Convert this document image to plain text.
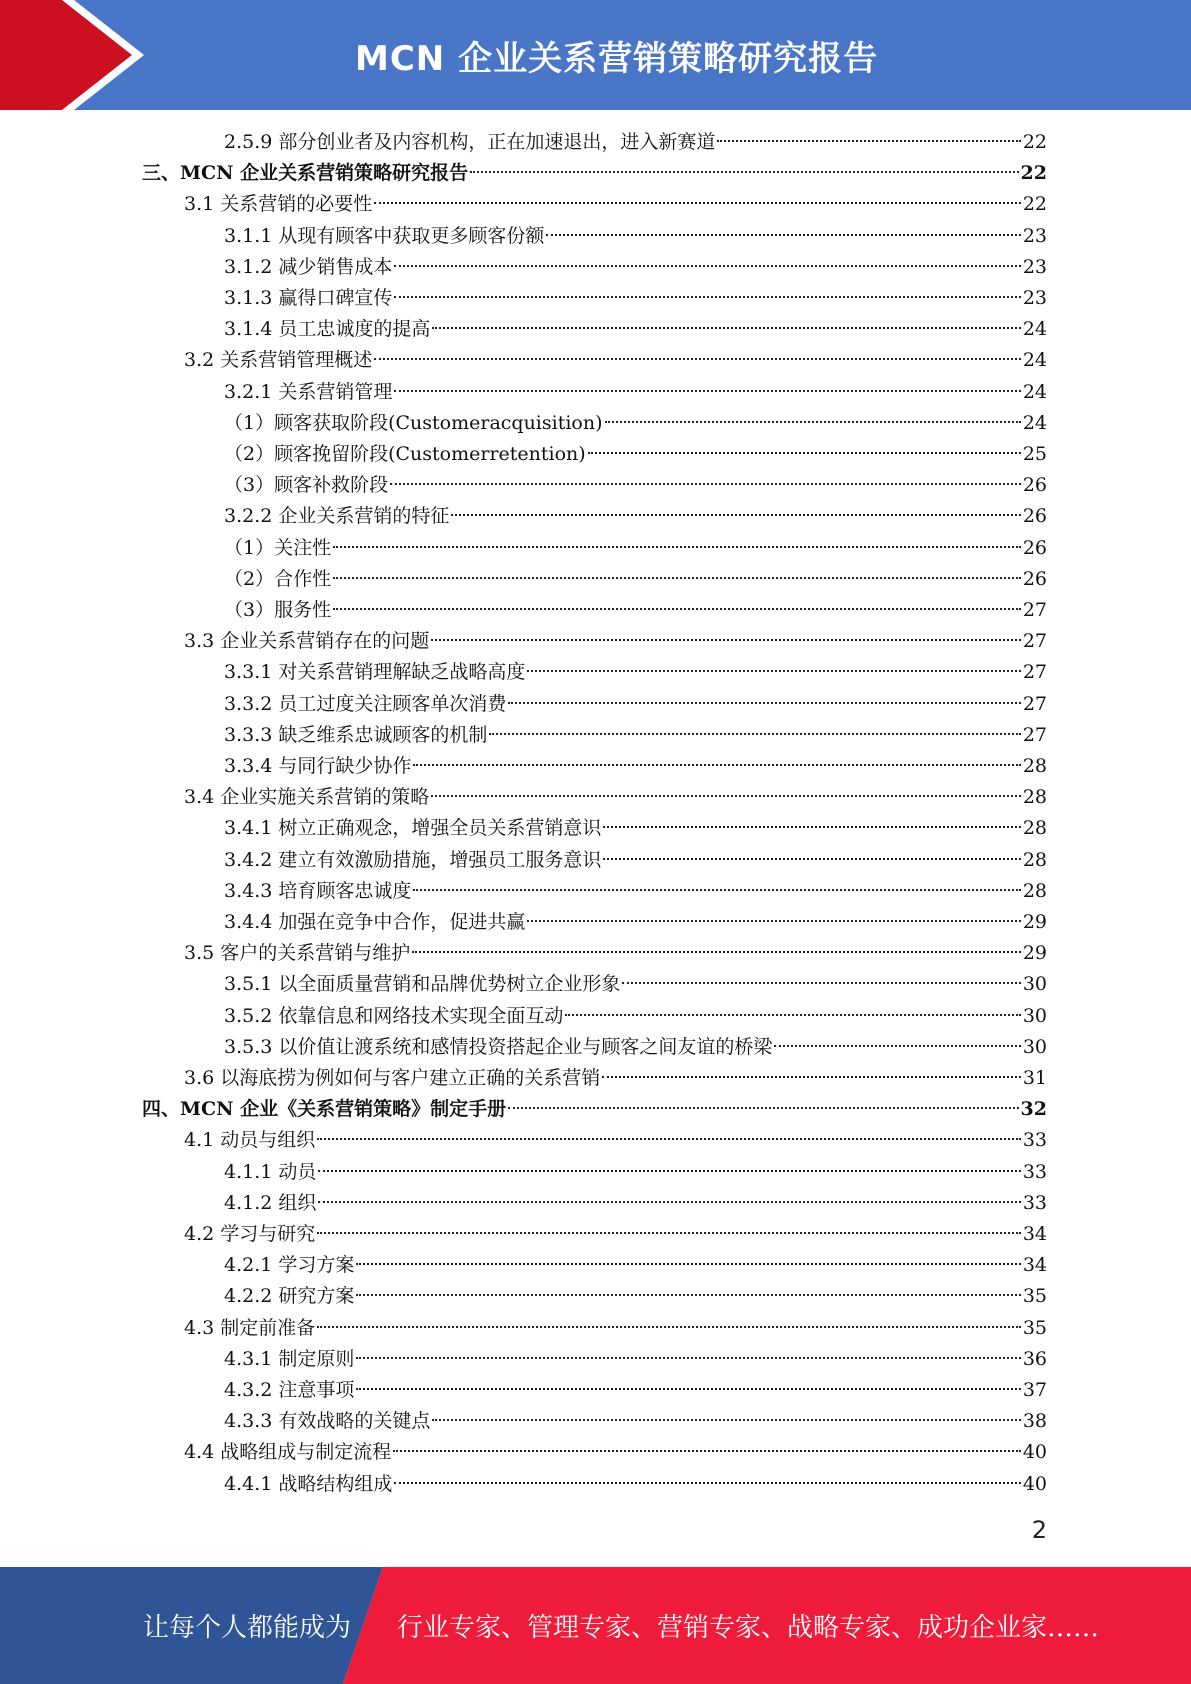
MCN 企业关系营销策略研究报告
2.5.9 部分创业者及内容机构，正在加速退出，进入新赛道	22
三、MCN 企业关系营销策略研究报告	22
3.1 关系营销的必要性	22
3.1.1 从现有顾客中获取更多顾客份额	23
3.1.2 减少销售成本	23
3.1.3 赢得口碑宣传	23
3.1.4 员工忠诚度的提高	24
3.2 关系营销管理概述	24
3.2.1 关系营销管理	24
（1）顾客获取阶段(Customeracquisition)	24
（2）顾客挽留阶段(Customerretention)	25
（3）顾客补救阶段	26
3.2.2 企业关系营销的特征	26
（1）关注性	26
（2）合作性	26
（3）服务性	27
3.3 企业关系营销存在的问题	27
3.3.1 对关系营销理解缺乏战略高度	27
3.3.2 员工过度关注顾客单次消费	27
3.3.3 缺乏维系忠诚顾客的机制	27
3.3.4 与同行缺少协作	28
3.4 企业实施关系营销的策略	28
3.4.1 树立正确观念，增强全员关系营销意识	28
3.4.2 建立有效激励措施，增强员工服务意识	28
3.4.3 培育顾客忠诚度	28
3.4.4 加强在竞争中合作，促进共赢	29
3.5 客户的关系营销与维护	29
3.5.1 以全面质量营销和品牌优势树立企业形象	30
3.5.2 依靠信息和网络技术实现全面互动	30
3.5.3 以价值让渡系统和感情投资搭起企业与顾客之间友谊的桥梁	30
3.6 以海底捞为例如何与客户建立正确的关系营销	31
四、MCN 企业《关系营销策略》制定手册	32
4.1 动员与组织	33
4.1.1 动员	33
4.1.2 组织	33
4.2 学习与研究	34
4.2.1 学习方案	34
4.2.2 研究方案	35
4.3 制定前准备	35
4.3.1 制定原则	36
4.3.2 注意事项	37
4.3.3 有效战略的关键点	38
4.4 战略组成与制定流程	40
4.4.1 战略结构组成	40
2
让每个人都能成为 行业专家、管理专家、营销专家、战略专家、成功企业家……
